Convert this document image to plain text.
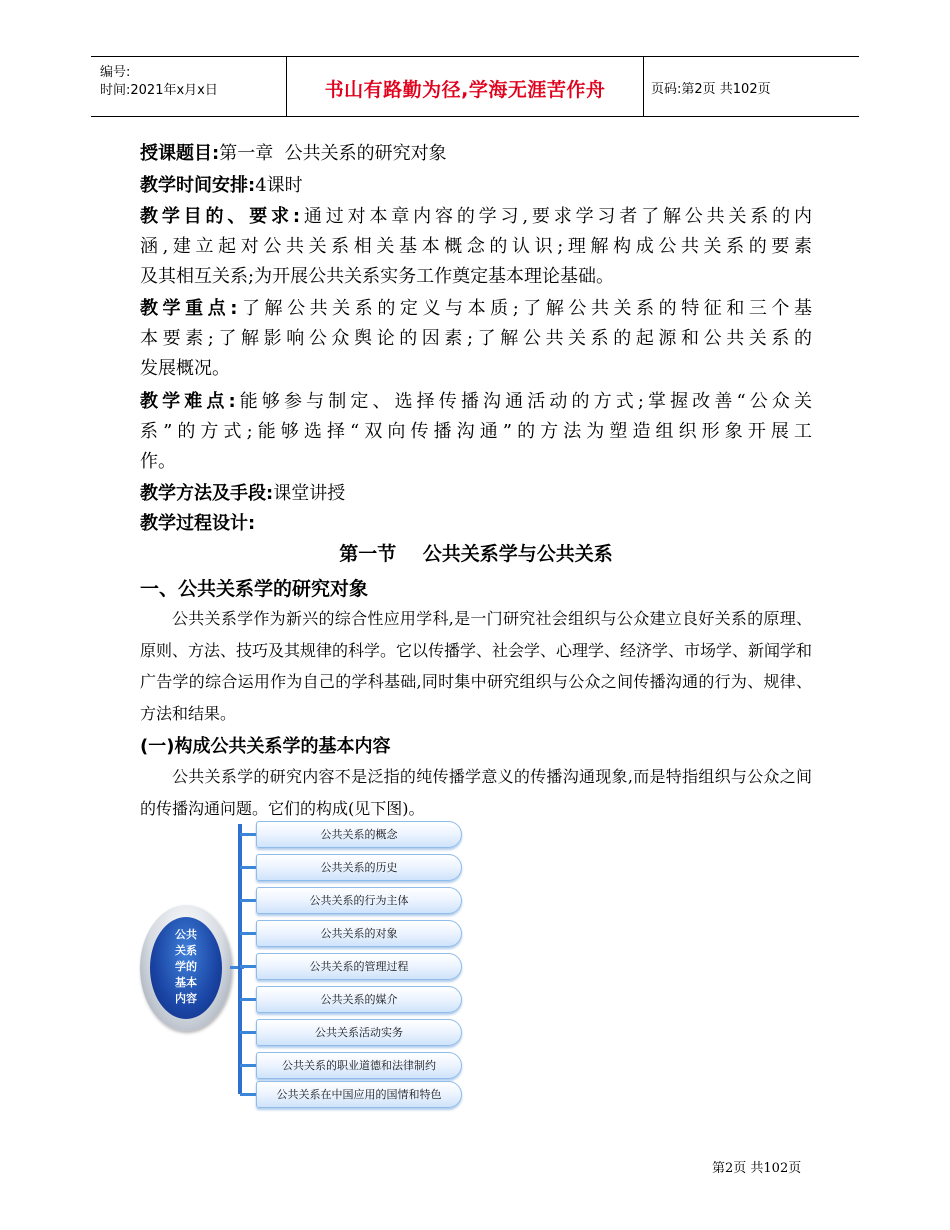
编号:
时间:2021年x月x日	书山有路勤为径,学海无涯苦作舟	页码:第2页 共102页
授课题目:第一章  公共关系的研究对象
教学时间安排:4课时
教学目的、要求:通过对本章内容的学习,要求学习者了解公共关系的内
涵,建立起对公共关系相关基本概念的认识;理解构成公共关系的要素
及其相互关系;为开展公共关系实务工作奠定基本理论基础。
教学重点:了解公共关系的定义与本质;了解公共关系的特征和三个基
本要素;了解影响公众舆论的因素;了解公共关系的起源和公共关系的
发展概况。
教学难点:能够参与制定、选择传播沟通活动的方式;掌握改善“公众关
系”的方式;能够选择“双向传播沟通”的方法为塑造组织形象开展工
作。
教学方法及手段:课堂讲授
教学过程设计:
第一节    公共关系学与公共关系
一、公共关系学的研究对象
公共关系学作为新兴的综合性应用学科,是一门研究社会组织与公众建立良好关系的原理、原则、方法、技巧及其规律的科学。它以传播学、社会学、心理学、经济学、市场学、新闻学和广告学的综合运用作为自己的学科基础,同时集中研究组织与公众之间传播沟通的行为、规律、方法和结果。
(一)构成公共关系学的基本内容
公共关系学的研究内容不是泛指的纯传播学意义的传播沟通现象,而是特指组织与公众之间的传播沟通问题。它们的构成(见下图)。
公共
关系
学的
基本
内容
公共关系的概念
公共关系的历史
公共关系的行为主体
公共关系的对象
公共关系的管理过程
公共关系的媒介
公共关系活动实务
公共关系的职业道德和法律制约
公共关系在中国应用的国情和特色
第2页 共102页
